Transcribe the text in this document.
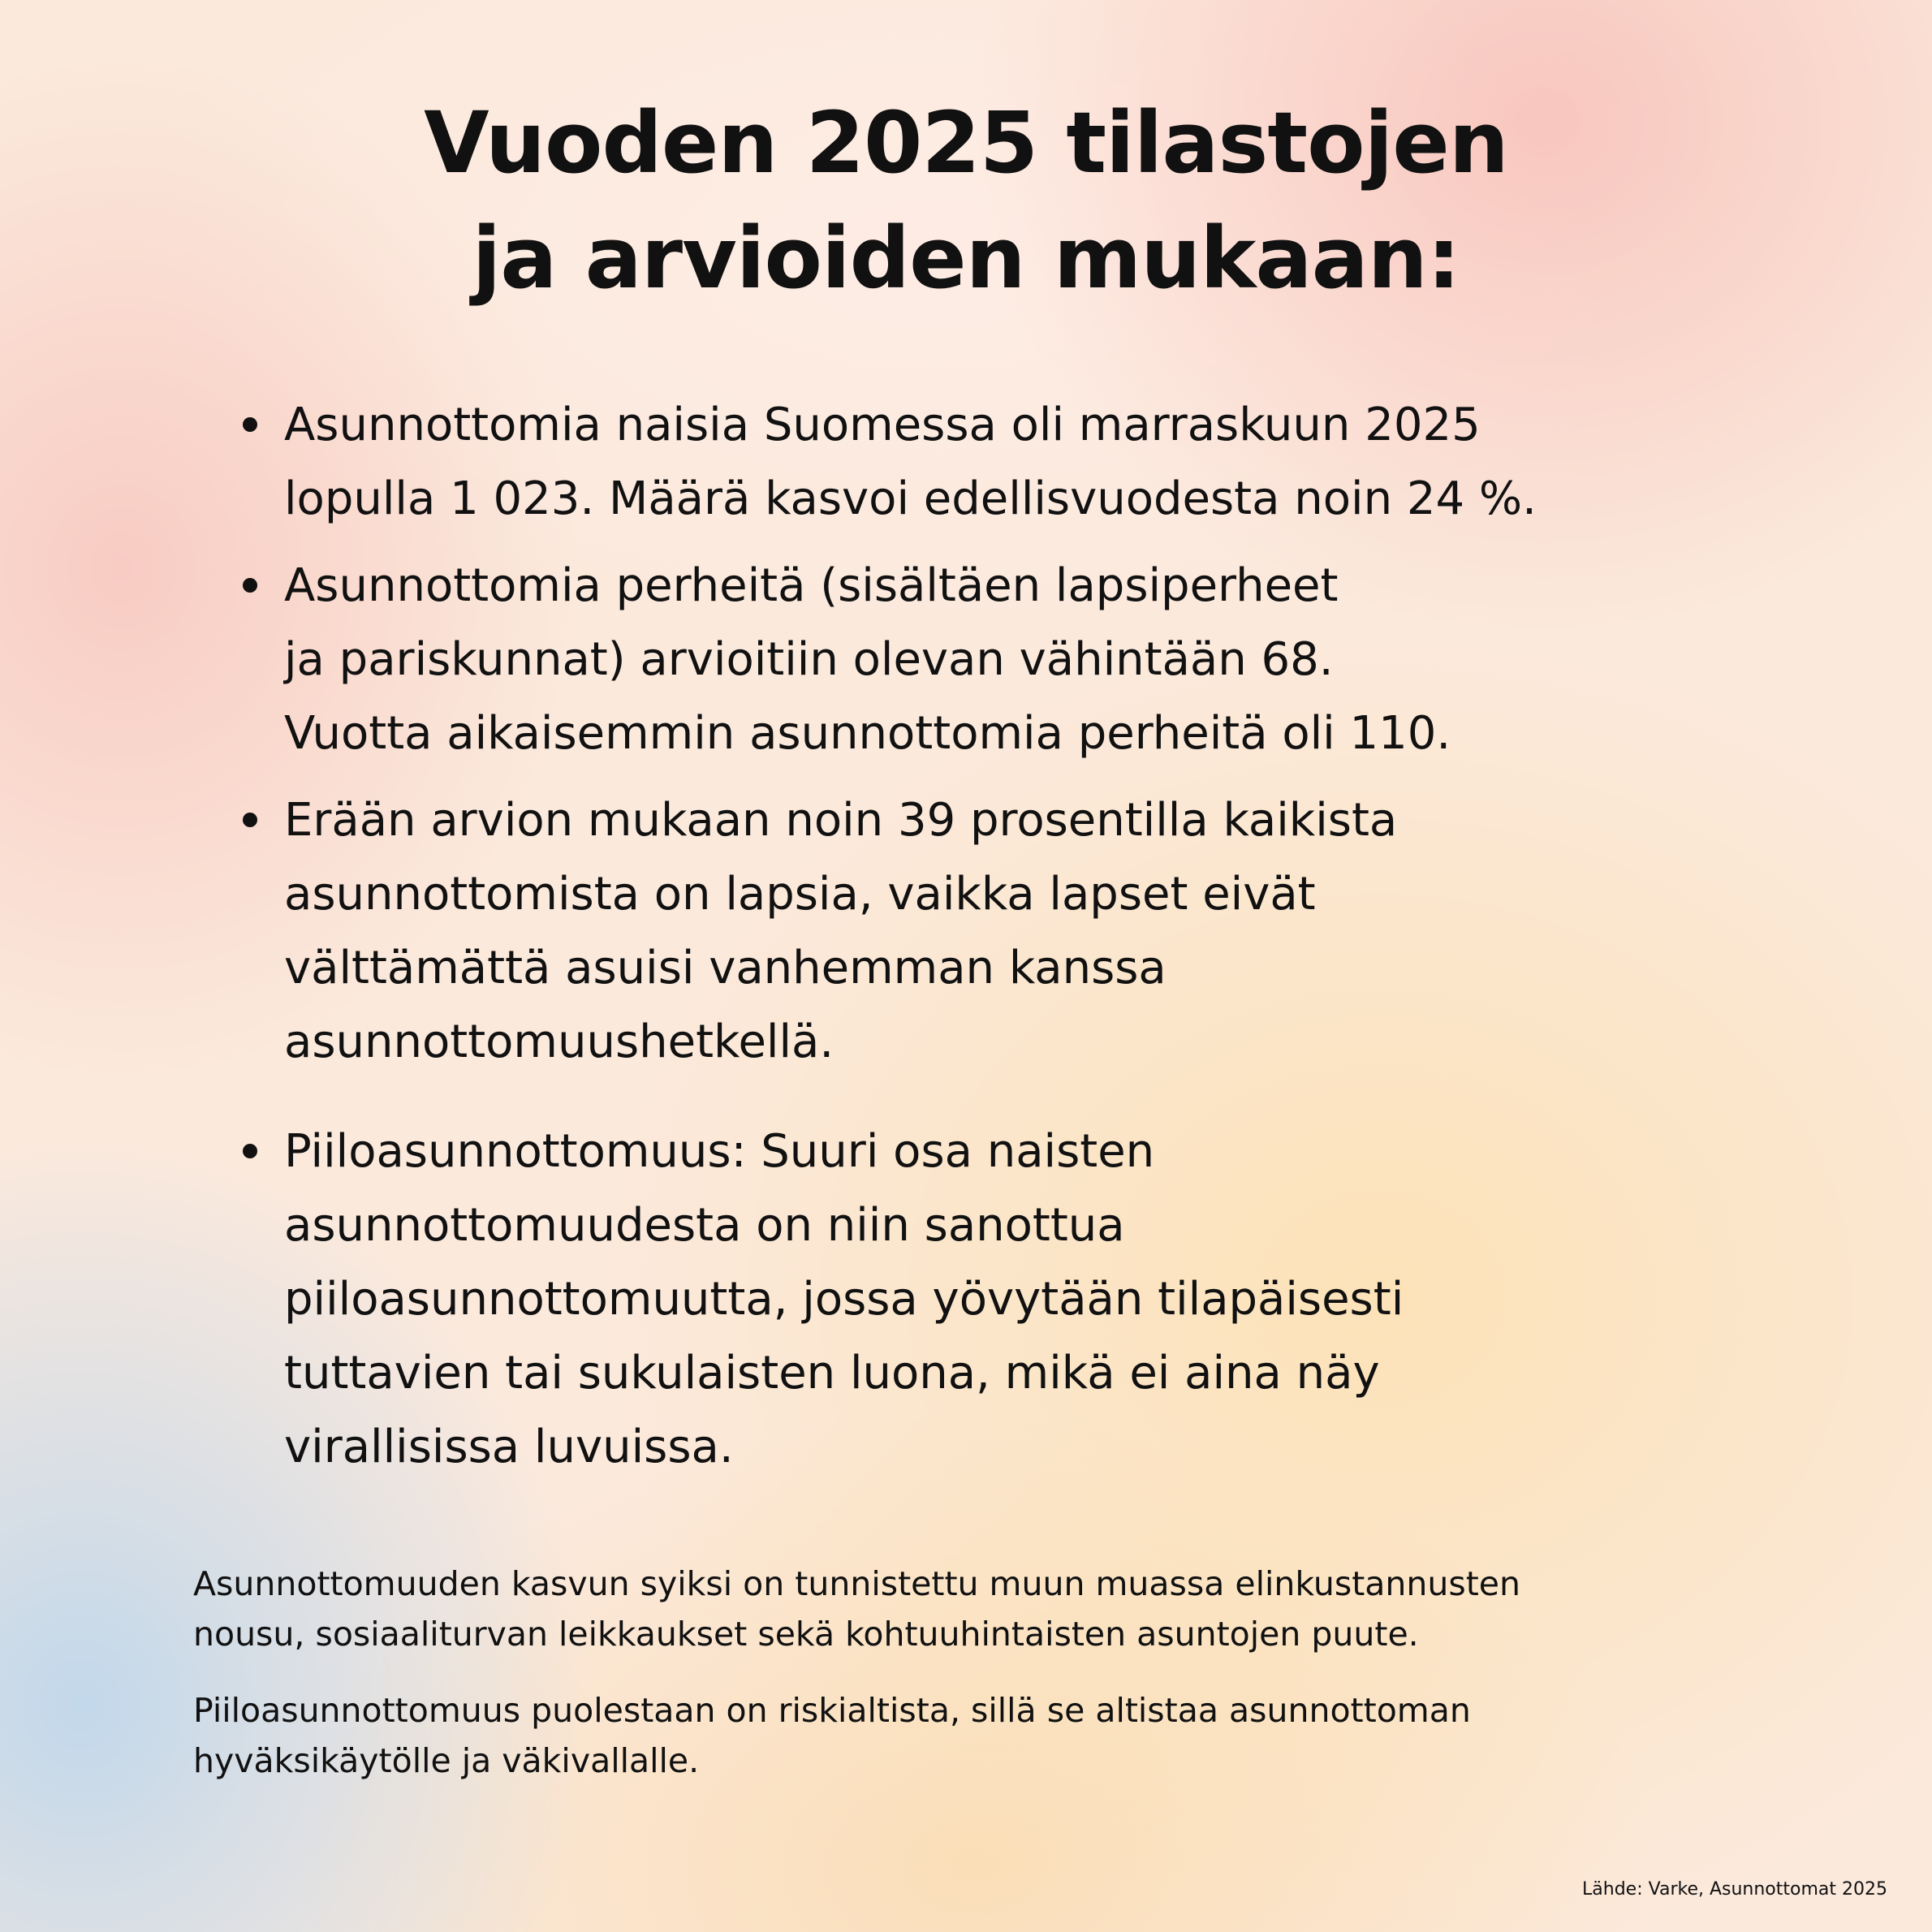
Vuoden 2025 tilastojen
ja arvioiden mukaan:
Asunnottomia naisia Suomessa oli marraskuun 2025
lopulla 1 023. Määrä kasvoi edellisvuodesta noin 24 %.
Asunnottomia perheitä (sisältäen lapsiperheet
ja pariskunnat) arvioitiin olevan vähintään 68.
Vuotta aikaisemmin asunnottomia perheitä oli 110.
Erään arvion mukaan noin 39 prosentilla kaikista
asunnottomista on lapsia, vaikka lapset eivät
välttämättä asuisi vanhemman kanssa
asunnottomuushetkellä.
Piiloasunnottomuus: Suuri osa naisten
asunnottomuudesta on niin sanottua
piiloasunnottomuutta, jossa yövytään tilapäisesti
tuttavien tai sukulaisten luona, mikä ei aina näy
virallisissa luvuissa.

Asunnottomuuden kasvun syiksi on tunnistettu muun muassa elinkustannusten
nousu, sosiaaliturvan leikkaukset sekä kohtuuhintaisten asuntojen puute.

Piiloasunnottomuus puolestaan on riskialtista, sillä se altistaa asunnottoman
hyväksikäytölle ja väkivallalle.

Lähde: Varke, Asunnottomat 2025
